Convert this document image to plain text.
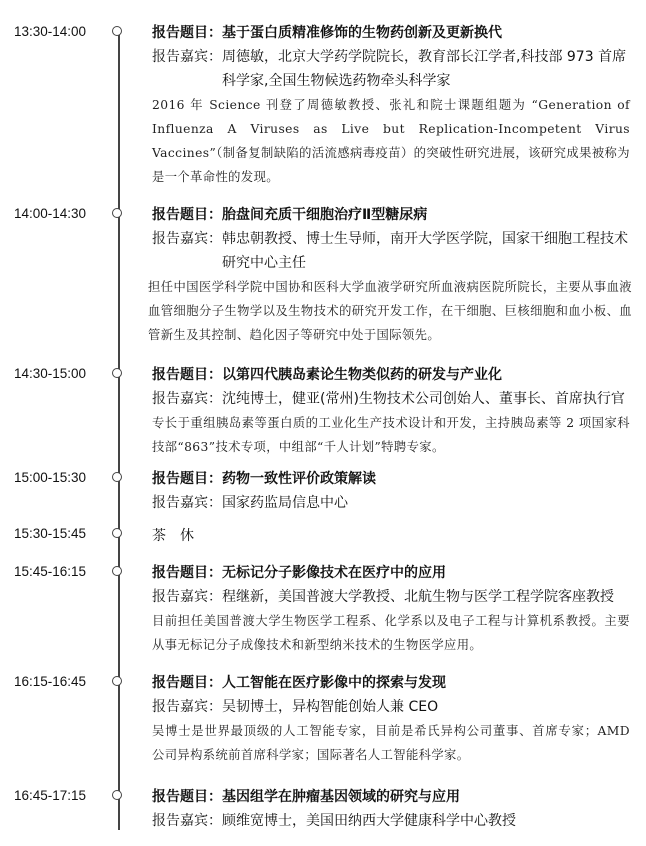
13:30-14:00	报告题目：基于蛋白质精准修饰的生物药创新及更新换代
报告嘉宾： 周德敏，北京大学药学院院长，教育部长江学者,科技部 973 首席科学家,全国生物候选药物牵头科学家
2016 年 Science 刊登了周德敏教授、张礼和院士课题组题为 “Generation of Influenza A Viruses as Live but Replication-Incompetent Virus Vaccines”（制备复制缺陷的活流感病毒疫苗）的突破性研究进展，该研究成果被称为是一个革命性的发现。
14:00-14:30	报告题目：胎盘间充质干细胞治疗Ⅱ型糖尿病
报告嘉宾： 韩忠朝教授、博士生导师，南开大学医学院，国家干细胞工程技术研究中心主任
担任中国医学科学院中国协和医科大学血液学研究所血液病医院所院长，主要从事血液血管细胞分子生物学以及生物技术的研究开发工作，在干细胞、巨核细胞和血小板、血管新生及其控制、趋化因子等研究中处于国际领先。
14:30-15:00	报告题目：以第四代胰岛素论生物类似药的研发与产业化
报告嘉宾： 沈纯博士，健亚(常州)生物技术公司创始人、董事长、首席执行官
专长于重组胰岛素等蛋白质的工业化生产技术设计和开发，主持胰岛素等 2 项国家科技部“863”技术专项，中组部“千人计划”特聘专家。
15:00-15:30	报告题目：药物一致性评价政策解读
报告嘉宾： 国家药监局信息中心
15:30-15:45	茶休
15:45-16:15	报告题目：无标记分子影像技术在医疗中的应用
报告嘉宾： 程继新，美国普渡大学教授、北航生物与医学工程学院客座教授
目前担任美国普渡大学生物医学工程系、化学系以及电子工程与计算机系教授。主要从事无标记分子成像技术和新型纳米技术的生物医学应用。
16:15-16:45	报告题目：人工智能在医疗影像中的探索与发现
报告嘉宾： 吴韧博士，异构智能创始人兼 CEO
吴博士是世界最顶级的人工智能专家，目前是希氏异构公司董事、首席专家；AMD 公司异构系统前首席科学家；国际著名人工智能科学家。
16:45-17:15	报告题目：基因组学在肿瘤基因领域的研究与应用
报告嘉宾： 顾维宽博士，美国田纳西大学健康科学中心教授
